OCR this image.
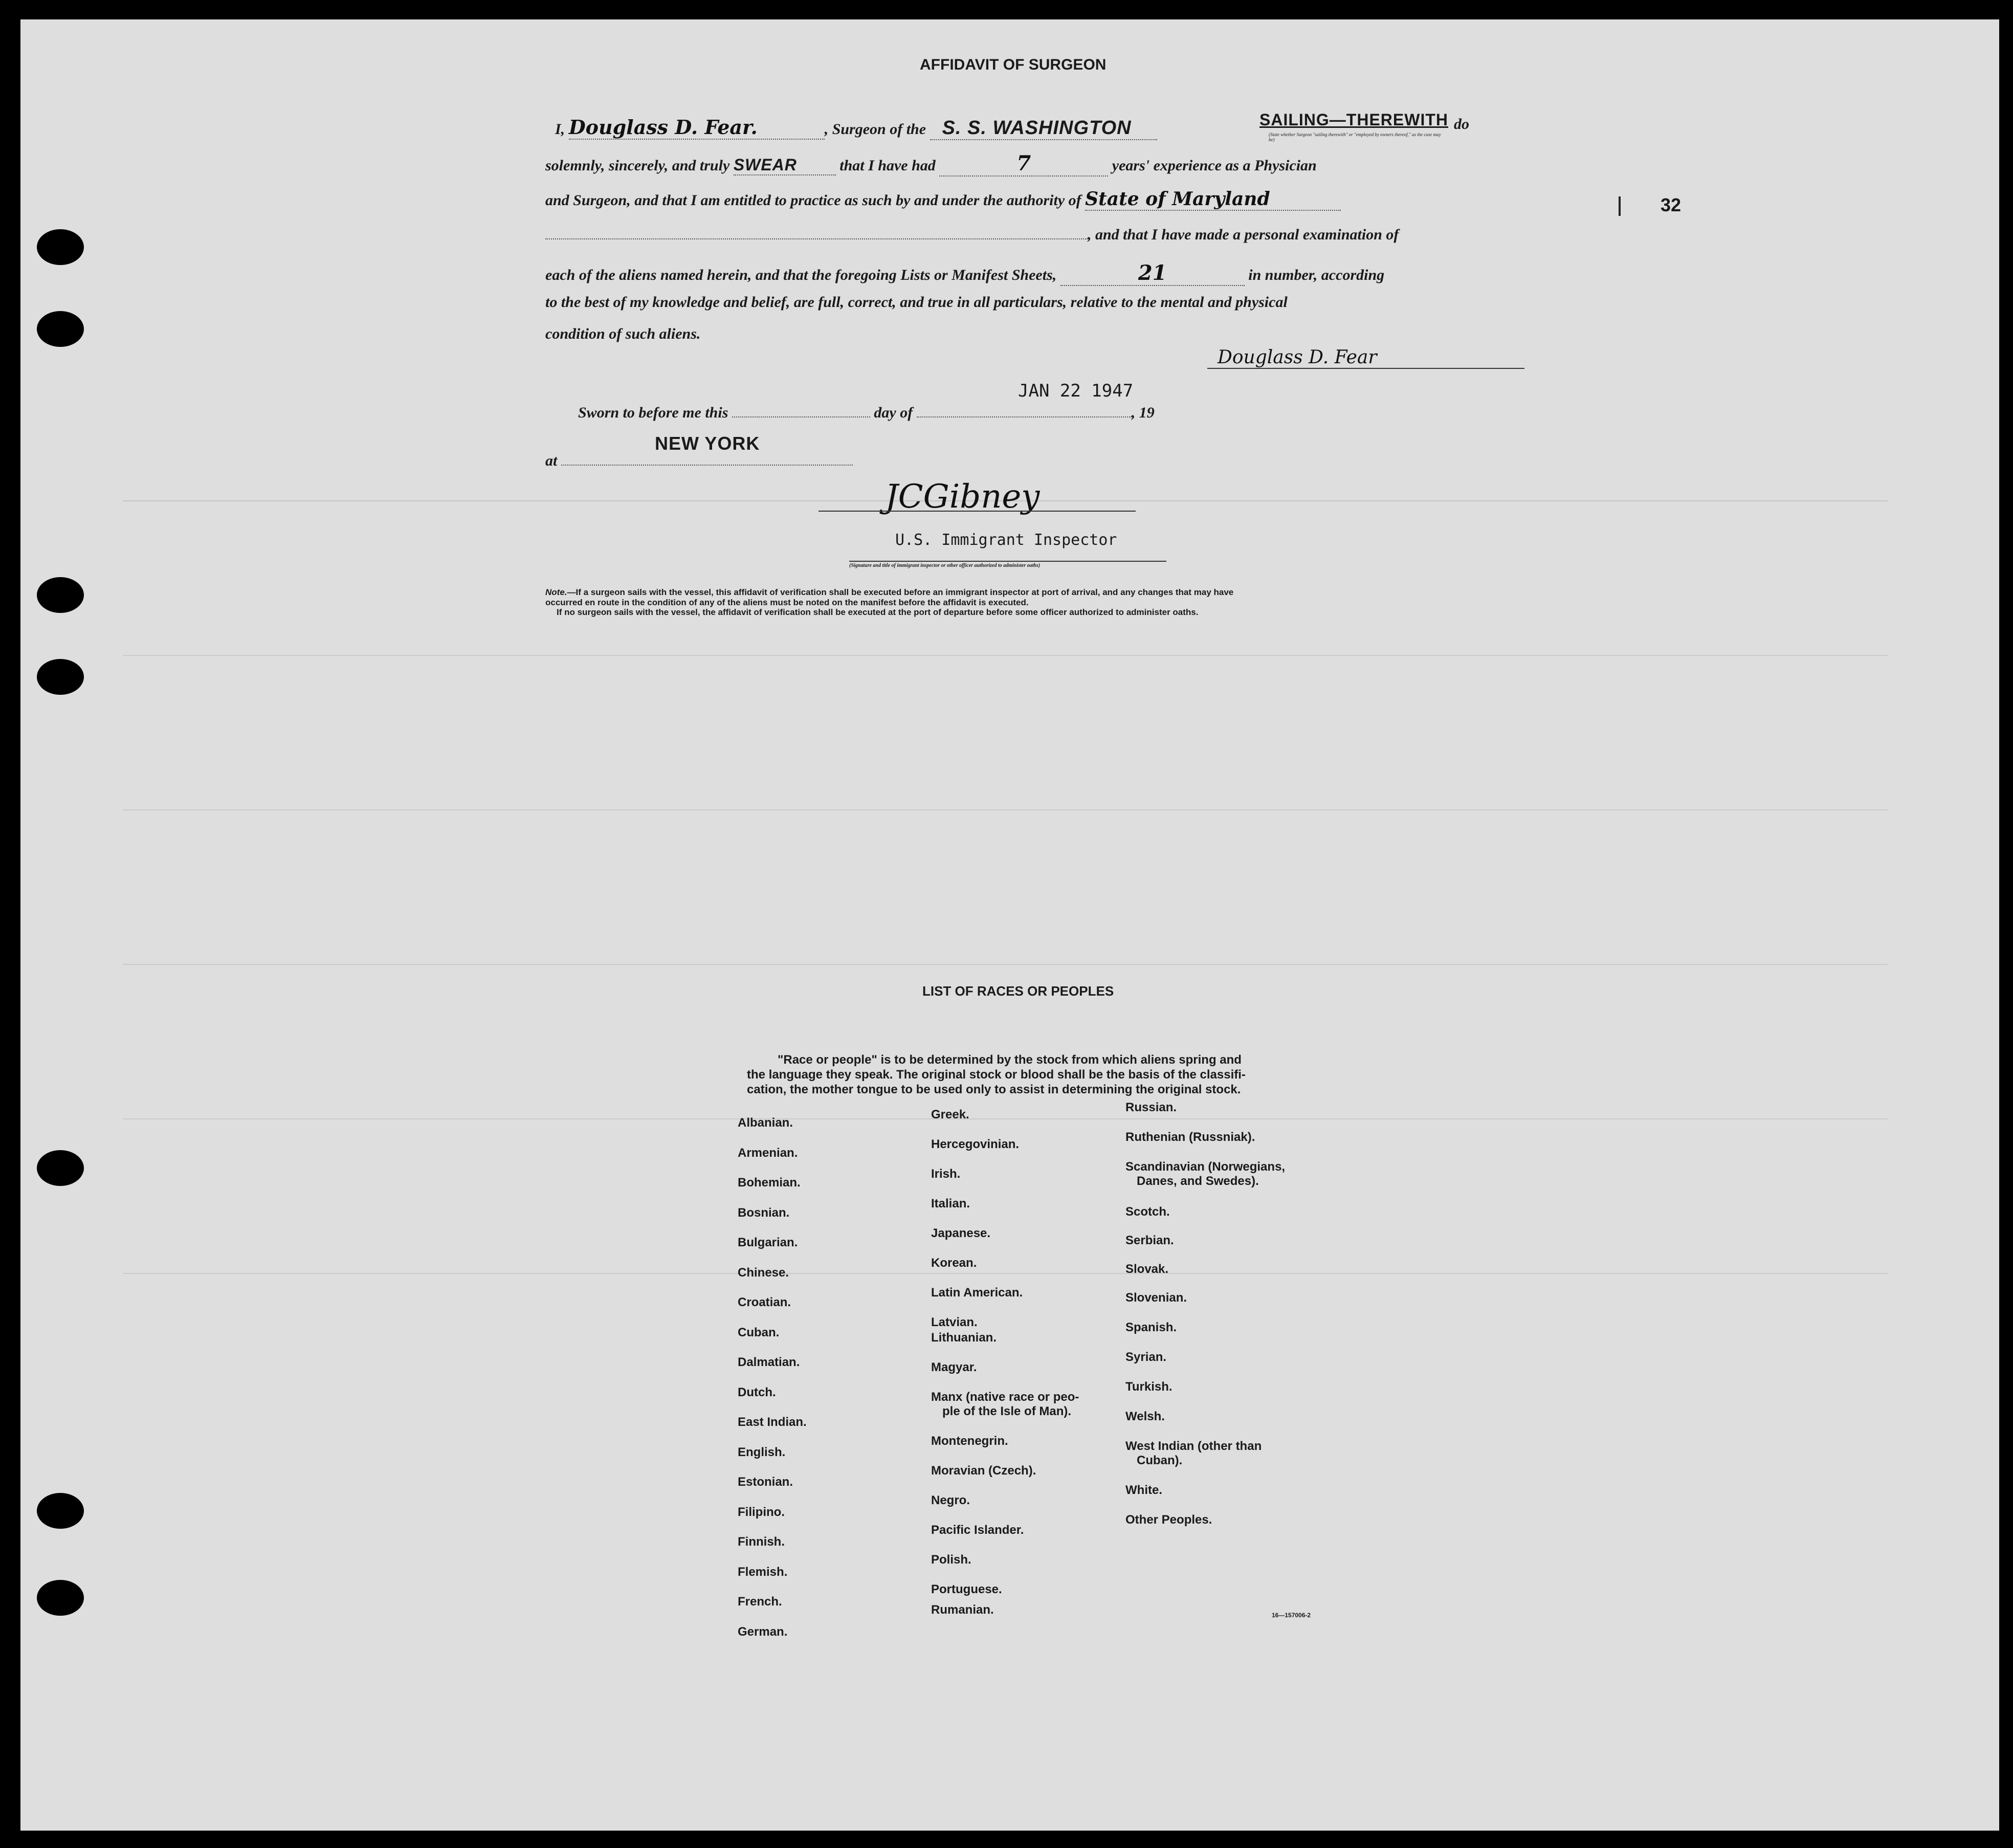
AFFIDAVIT OF SURGEON
I, Douglass D. Fear.	, Surgeon of the S. S. WASHINGTON	SAILING—THEREWITH
(State whether Surgeon "sailing therewith" or "employed by owners thereof," as the case may be)
do
solemnly, sincerely, and truly SWEAR	that I have had	7	years' experience as a Physician
32
and Surgeon, and that I am entitled to practice as such by and under the authority of State of Maryland
, and that I have made a personal examination of
each of the aliens named herein, and that the foregoing Lists or Manifest Sheets,	21	in number, according
to the best of my knowledge and belief, are full, correct, and true in all particulars, relative to the mental and physical
condition of such aliens.
Douglass D. Fear
Sworn to before me this	day of	, 19
JAN 22 1947
at
NEW YORK
JCGibney
U.S. Immigrant Inspector
(Signature and title of immigrant inspector or other officer authorized to administer oaths)
Note.—If a surgeon sails with the vessel, this affidavit of verification shall be executed before an immigrant inspector at port of arrival, and any changes that may have
occurred en route in the condition of any of the aliens must be noted on the manifest before the affidavit is executed.
If no surgeon sails with the vessel, the affidavit of verification shall be executed at the port of departure before some officer authorized to administer oaths.
LIST OF RACES OR PEOPLES
"Race or people" is to be determined by the stock from which aliens spring and
the language they speak. The original stock or blood shall be the basis of the classifi-
cation, the mother tongue to be used only to assist in determining the original stock.
Albanian.
Armenian.
Bohemian.
Bosnian.
Bulgarian.
Chinese.
Croatian.
Cuban.
Dalmatian.
Dutch.
East Indian.
English.
Estonian.
Filipino.
Finnish.
Flemish.
French.
German.
Greek.
Hercegovinian.
Irish.
Italian.
Japanese.
Korean.
Latin American.
Latvian.
Lithuanian.
Magyar.
Manx (native race or peo-
ple of the Isle of Man).
Montenegrin.
Moravian (Czech).
Negro.
Pacific Islander.
Polish.
Portuguese.
Rumanian.
Russian.
Ruthenian (Russniak).
Scandinavian (Norwegians,
Danes, and Swedes).
Scotch.
Serbian.
Slovak.
Slovenian.
Spanish.
Syrian.
Turkish.
Welsh.
West Indian (other than
Cuban).
White.
Other Peoples.
16—157006-2
